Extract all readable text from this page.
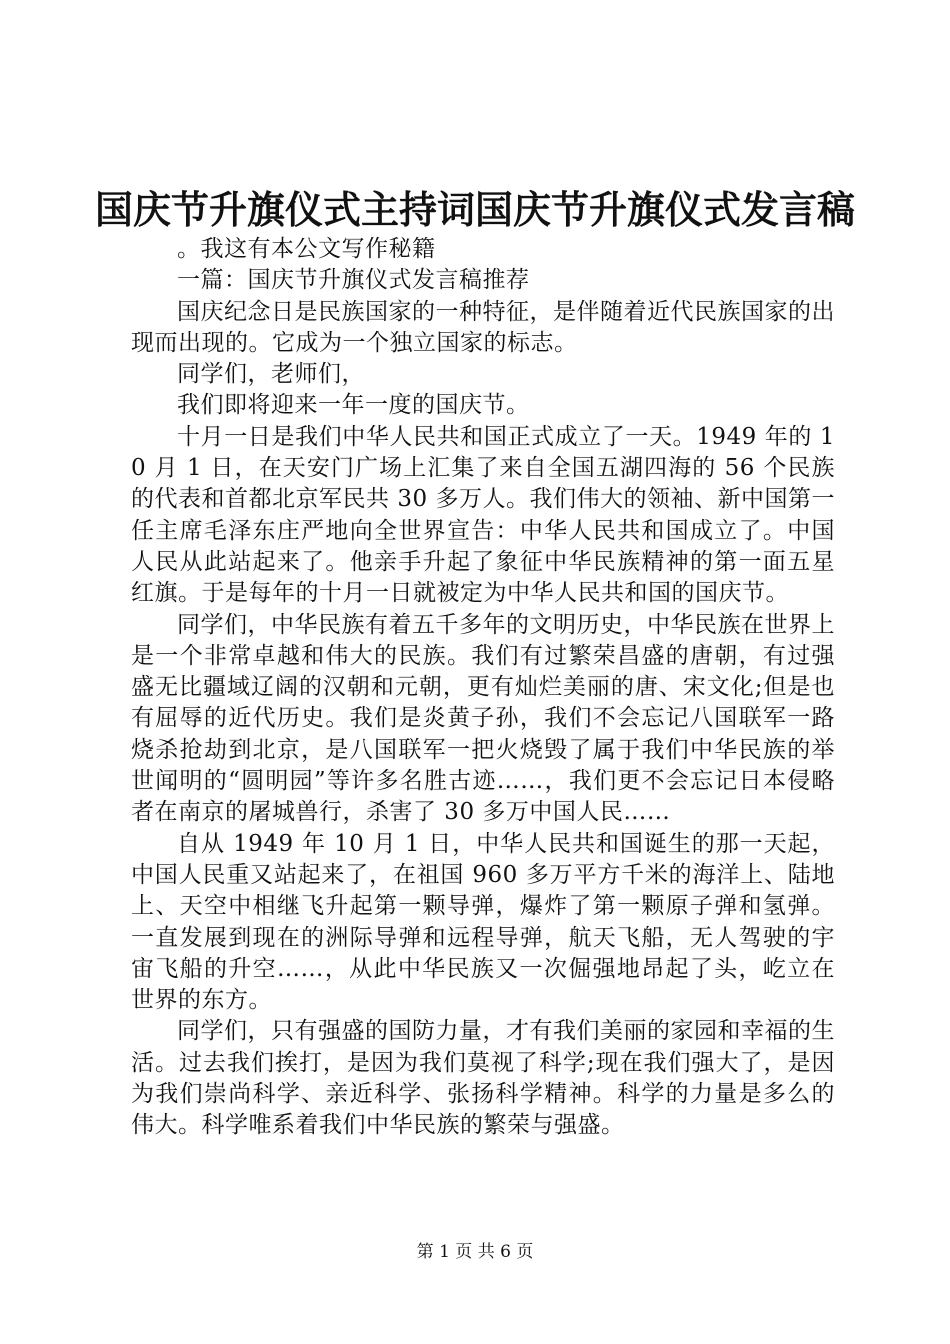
国庆节升旗仪式主持词国庆节升旗仪式发言稿

。我这有本公文写作秘籍

一篇：国庆节升旗仪式发言稿推荐

国庆纪念日是民族国家的一种特征，是伴随着近代民族国家的出现而出现的。它成为一个独立国家的标志。

同学们，老师们，

我们即将迎来一年一度的国庆节。

十月一日是我们中华人民共和国正式成立了一天。1949 年的 10 月 1 日，在天安门广场上汇集了来自全国五湖四海的 56 个民族的代表和首都北京军民共 30 多万人。我们伟大的领袖、新中国第一任主席毛泽东庄严地向全世界宣告：中华人民共和国成立了。中国人民从此站起来了。他亲手升起了象征中华民族精神的第一面五星红旗。于是每年的十月一日就被定为中华人民共和国的国庆节。

同学们，中华民族有着五千多年的文明历史，中华民族在世界上是一个非常卓越和伟大的民族。我们有过繁荣昌盛的唐朝，有过强盛无比疆域辽阔的汉朝和元朝，更有灿烂美丽的唐、宋文化;但是也有屈辱的近代历史。我们是炎黄子孙，我们不会忘记八国联军一路烧杀抢劫到北京，是八国联军一把火烧毁了属于我们中华民族的举世闻明的“圆明园”等许多名胜古迹……，我们更不会忘记日本侵略者在南京的屠城兽行，杀害了 30 多万中国人民……

自从 1949 年 10 月 1 日，中华人民共和国诞生的那一天起，中国人民重又站起来了，在祖国 960 多万平方千米的海洋上、陆地上、天空中相继飞升起第一颗导弹，爆炸了第一颗原子弹和氢弹。一直发展到现在的洲际导弹和远程导弹，航天飞船，无人驾驶的宇宙飞船的升空……，从此中华民族又一次倔强地昂起了头，屹立在世界的东方。

同学们，只有强盛的国防力量，才有我们美丽的家园和幸福的生活。过去我们挨打，是因为我们莫视了科学;现在我们强大了，是因为我们崇尚科学、亲近科学、张扬科学精神。科学的力量是多么的伟大。科学唯系着我们中华民族的繁荣与强盛。

第 1 页 共 6 页
